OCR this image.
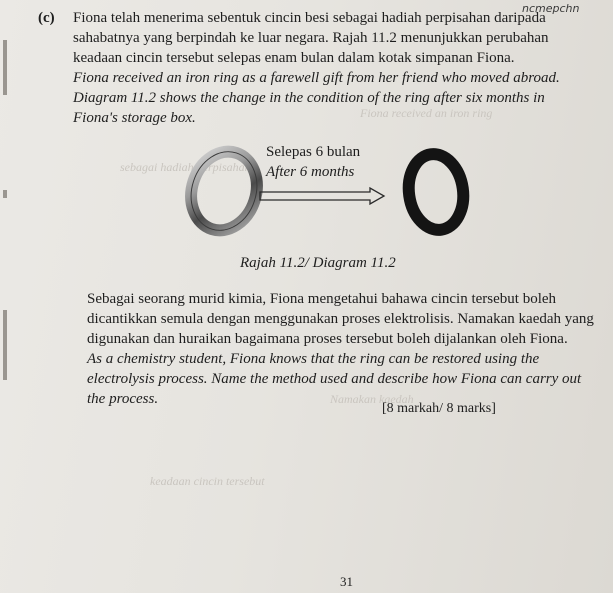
Fiona received an iron ring
sebagai hadiah perpisahan
Namakan kaedah
keadaan cincin tersebut
ncmepchn
(c) Fiona telah menerima sebentuk cincin besi sebagai hadiah perpisahan daripada
sahabatnya yang berpindah ke luar negara. Rajah 11.2 menunjukkan perubahan
keadaan cincin tersebut selepas enam bulan dalam kotak simpanan Fiona.
Fiona received an iron ring as a farewell gift from her friend who moved abroad.
Diagram 11.2 shows the change in the condition of the ring after six months in
Fiona's storage box.
Selepas 6 bulan
After 6 months
Rajah 11.2/ Diagram 11.2
Sebagai seorang murid kimia, Fiona mengetahui bahawa cincin tersebut boleh
dicantikkan semula dengan menggunakan proses elektrolisis. Namakan kaedah yang
digunakan dan huraikan bagaimana proses tersebut boleh dijalankan oleh Fiona.
As a chemistry student, Fiona knows that the ring can be restored using the
electrolysis process. Name the method used and describe how Fiona can carry out
the process.
[8 markah/ 8 marks]
31
